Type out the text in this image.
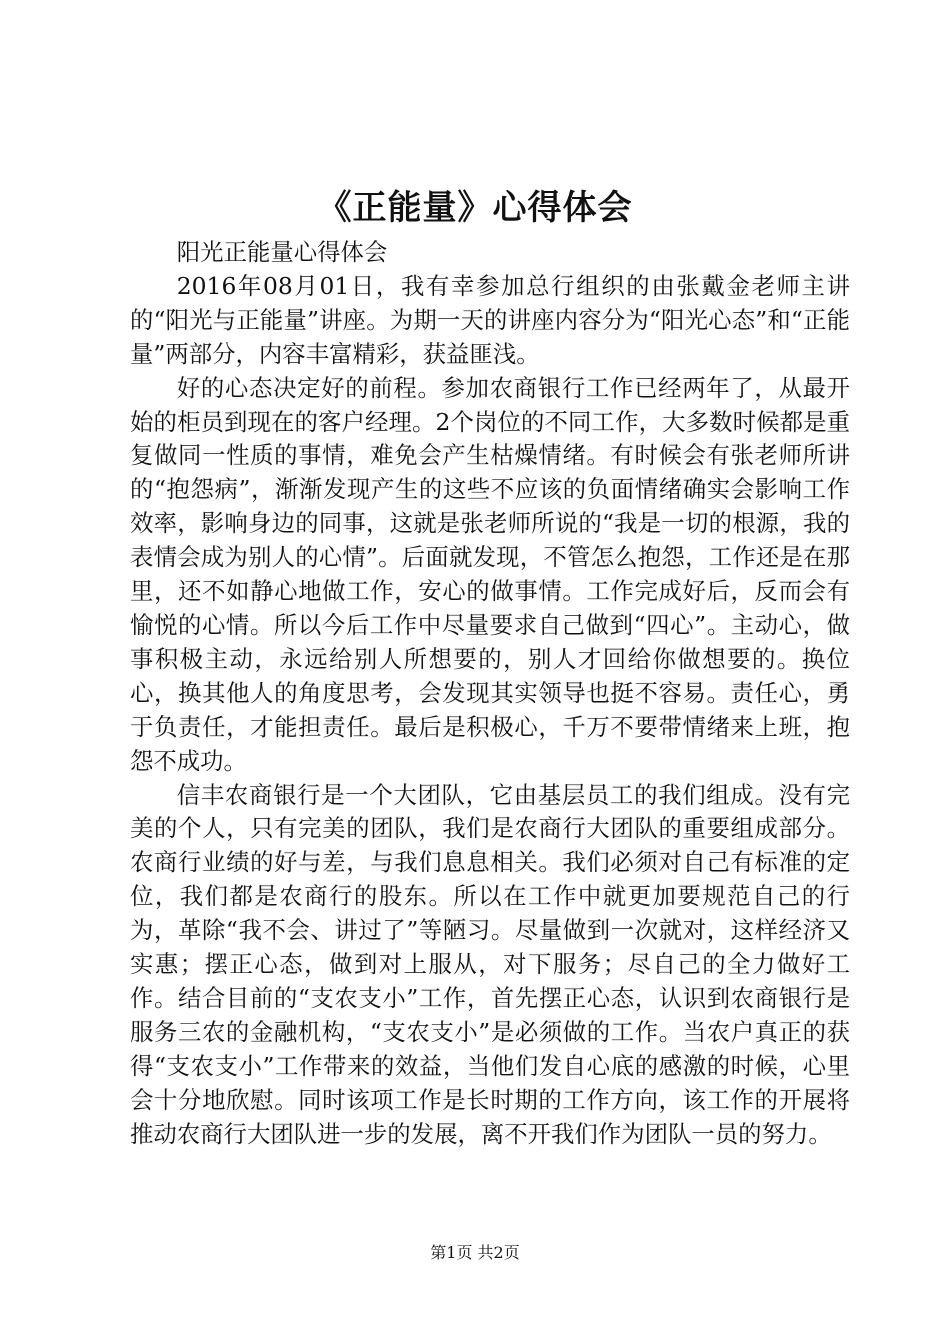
《正能量》心得体会

阳光正能量心得体会

2016年08月01日，我有幸参加总行组织的由张戴金老师主讲的“阳光与正能量”讲座。为期一天的讲座内容分为“阳光心态”和“正能量”两部分，内容丰富精彩，获益匪浅。

好的心态决定好的前程。参加农商银行工作已经两年了，从最开始的柜员到现在的客户经理。2个岗位的不同工作，大多数时候都是重复做同一性质的事情，难免会产生枯燥情绪。有时候会有张老师所讲的“抱怨病”，渐渐发现产生的这些不应该的负面情绪确实会影响工作效率，影响身边的同事，这就是张老师所说的“我是一切的根源，我的表情会成为别人的心情”。后面就发现，不管怎么抱怨，工作还是在那里，还不如静心地做工作，安心的做事情。工作完成好后，反而会有愉悦的心情。所以今后工作中尽量要求自己做到“四心”。主动心，做事积极主动，永远给别人所想要的，别人才回给你做想要的。换位心，换其他人的角度思考，会发现其实领导也挺不容易。责任心，勇于负责任，才能担责任。最后是积极心，千万不要带情绪来上班，抱怨不成功。

信丰农商银行是一个大团队，它由基层员工的我们组成。没有完美的个人，只有完美的团队，我们是农商行大团队的重要组成部分。农商行业绩的好与差，与我们息息相关。我们必须对自己有标准的定位，我们都是农商行的股东。所以在工作中就更加要规范自己的行为，革除“我不会、讲过了”等陋习。尽量做到一次就对，这样经济又实惠；摆正心态，做到对上服从，对下服务；尽自己的全力做好工作。结合目前的“支农支小”工作，首先摆正心态，认识到农商银行是服务三农的金融机构，“支农支小”是必须做的工作。当农户真正的获得“支农支小”工作带来的效益，当他们发自心底的感激的时候，心里会十分地欣慰。同时该项工作是长时期的工作方向，该工作的开展将推动农商行大团队进一步的发展，离不开我们作为团队一员的努力。

第1页 共2页
